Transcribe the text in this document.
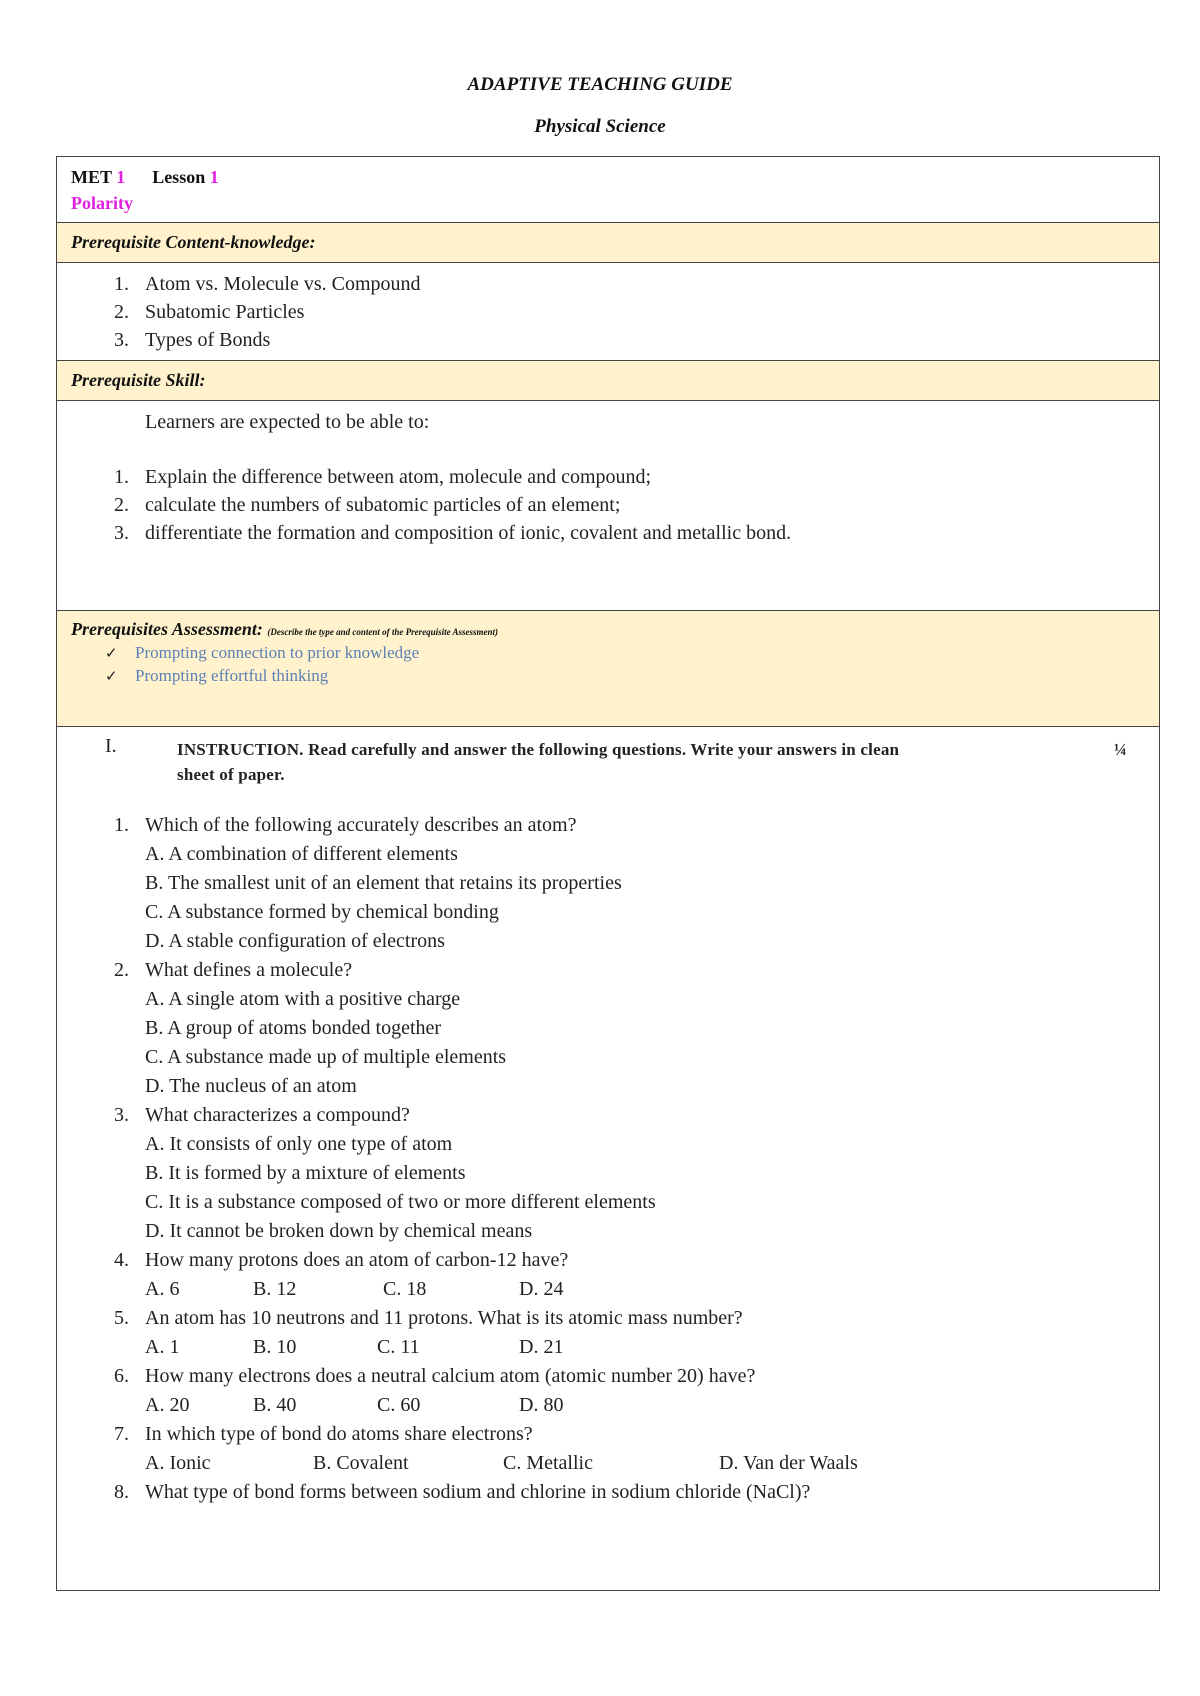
ADAPTIVE TEACHING GUIDE
Physical Science
MET 1 Lesson 1
Polarity
Prerequisite Content-knowledge:
1. Atom vs. Molecule vs. Compound
2. Subatomic Particles
3. Types of Bonds
Prerequisite Skill:
Learners are expected to be able to:
1. Explain the difference between atom, molecule and compound;
2. calculate the numbers of subatomic particles of an element;
3. differentiate the formation and composition of ionic, covalent and metallic bond.
Prerequisites Assessment: (Describe the type and content of the Prerequisite Assessment)
✓ Prompting connection to prior knowledge
✓ Prompting effortful thinking
I.	INSTRUCTION. Read carefully and answer the following questions. Write your answers in clean
sheet of paper.
¼
1. Which of the following accurately describes an atom?
A. A combination of different elements
B. The smallest unit of an element that retains its properties
C. A substance formed by chemical bonding
D. A stable configuration of electrons
2. What defines a molecule?
A. A single atom with a positive charge
B. A group of atoms bonded together
C. A substance made up of multiple elements
D. The nucleus of an atom
3. What characterizes a compound?
A. It consists of only one type of atom
B. It is formed by a mixture of elements
C. It is a substance composed of two or more different elements
D. It cannot be broken down by chemical means
4. How many protons does an atom of carbon-12 have?
A. 6	B. 12	C. 18	D. 24
5. An atom has 10 neutrons and 11 protons. What is its atomic mass number?
A. 1	B. 10	C. 11	D. 21
6. How many electrons does a neutral calcium atom (atomic number 20) have?
A. 20	B. 40	C. 60	D. 80
7. In which type of bond do atoms share electrons?
A. Ionic	B. Covalent	C. Metallic	D. Van der Waals
8. What type of bond forms between sodium and chlorine in sodium chloride (NaCl)?
